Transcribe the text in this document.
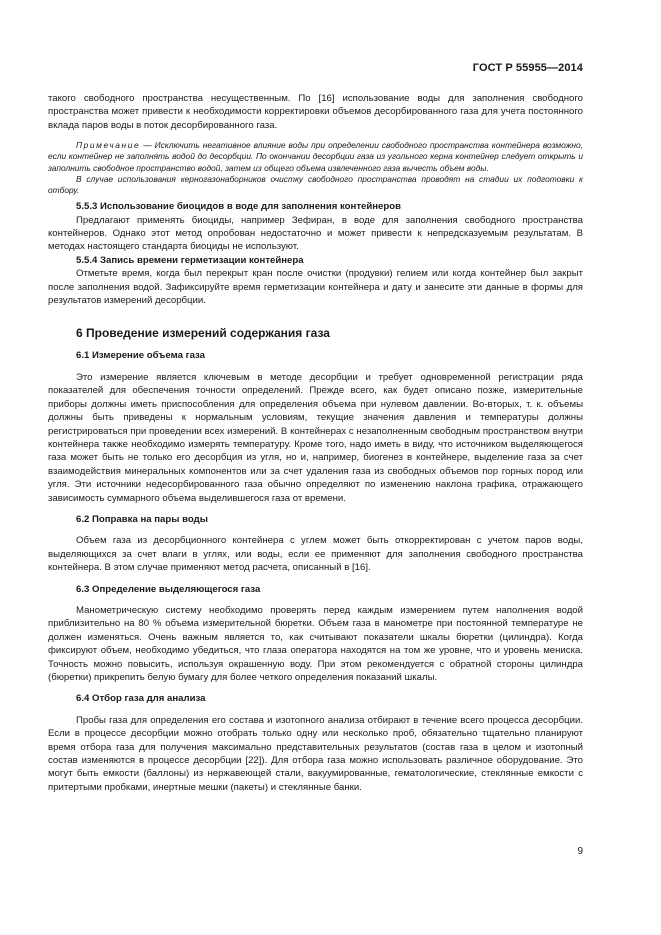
ГОСТ Р 55955—2014

такого свободного пространства несущественным. По [16] использование воды для заполнения свободного пространства может привести к необходимости корректировки объемов десорбированного газа для учета постоянного вклада паров воды в поток десорбированного газа.

Примечание — Исключить негативное влияние воды при определении свободного пространства контейнера возможно, если контейнер не заполнять водой до десорбции. По окончании десорбции газа из угольного керна контейнер следует открыть и заполнить свободное пространство водой, затем из общего объема извлеченного газа вычесть объем воды.

В случае использования керногазонаборников очистку свободного пространства проводят на стадии их подготовки к отбору.

5.5.3 Использование биоцидов в воде для заполнения контейнеров

Предлагают применять биоциды, например Зефиран, в воде для заполнения свободного пространства контейнеров. Однако этот метод опробован недостаточно и может привести к непредсказуемым результатам. В методах настоящего стандарта биоциды не используют.

5.5.4 Запись времени герметизации контейнера

Отметьте время, когда был перекрыт кран после очистки (продувки) гелием или когда контейнер был закрыт после заполнения водой. Зафиксируйте время герметизации контейнера и дату и занесите эти данные в формы для результатов измерений десорбции.

6 Проведение измерений содержания газа
6.1 Измерение объема газа

Это измерение является ключевым в методе десорбции и требует одновременной регистрации ряда показателей для обеспечения точности определений. Прежде всего, как будет описано позже, измерительные приборы должны иметь приспособления для определения объема при нулевом давлении. Во-вторых, т. к. объемы должны быть приведены к нормальным условиям, текущие значения давления и температуры должны регистрироваться при проведении всех измерений. В контейнерах с незаполненным свободным пространством внутри контейнера также необходимо измерять температуру. Кроме того, надо иметь в виду, что источником выделяющегося газа может быть не только его десорбция из угля, но и, например, биогенез в контейнере, выделение газа за счет взаимодействия минеральных компонентов или за счет удаления газа из свободных объемов пор горных пород или угля. Эти источники недесорбированного газа обычно определяют по изменению наклона графика, отражающего зависимость суммарного объема выделившегося газа от времени.

6.2 Поправка на пары воды

Объем газа из десорбционного контейнера с углем может быть откорректирован с учетом паров воды, выделяющихся за счет влаги в углях, или воды, если ее применяют для заполнения свободного пространства контейнера. В этом случае применяют метод расчета, описанный в [16].

6.3 Определение выделяющегося газа

Манометрическую систему необходимо проверять перед каждым измерением путем наполнения водой приблизительно на 80 % объема измерительной бюретки. Объем газа в манометре при постоянной температуре не должен изменяться. Очень важным является то, как считывают показатели шкалы бюретки (цилиндра). Когда фиксируют объем, необходимо убедиться, что глаза оператора находятся на том же уровне, что и уровень мениска. Точность можно повысить, используя окрашенную воду. При этом рекомендуется с обратной стороны цилиндра (бюретки) прикрепить белую бумагу для более четкого определения показаний шкалы.

6.4 Отбор газа для анализа

Пробы газа для определения его состава и изотопного анализа отбирают в течение всего процесса десорбции. Если в процессе десорбции можно отобрать только одну или несколько проб, обязательно тщательно планируют время отбора газа для получения максимально представительных результатов (состав газа в целом и изотопный состав изменяются в процессе десорбции [22]). Для отбора газа можно использовать различное оборудование. Это могут быть емкости (баллоны) из нержавеющей стали, вакуумированные, гематологические, стеклянные емкости с притертыми пробками, инертные мешки (пакеты) и стеклянные банки.

9
